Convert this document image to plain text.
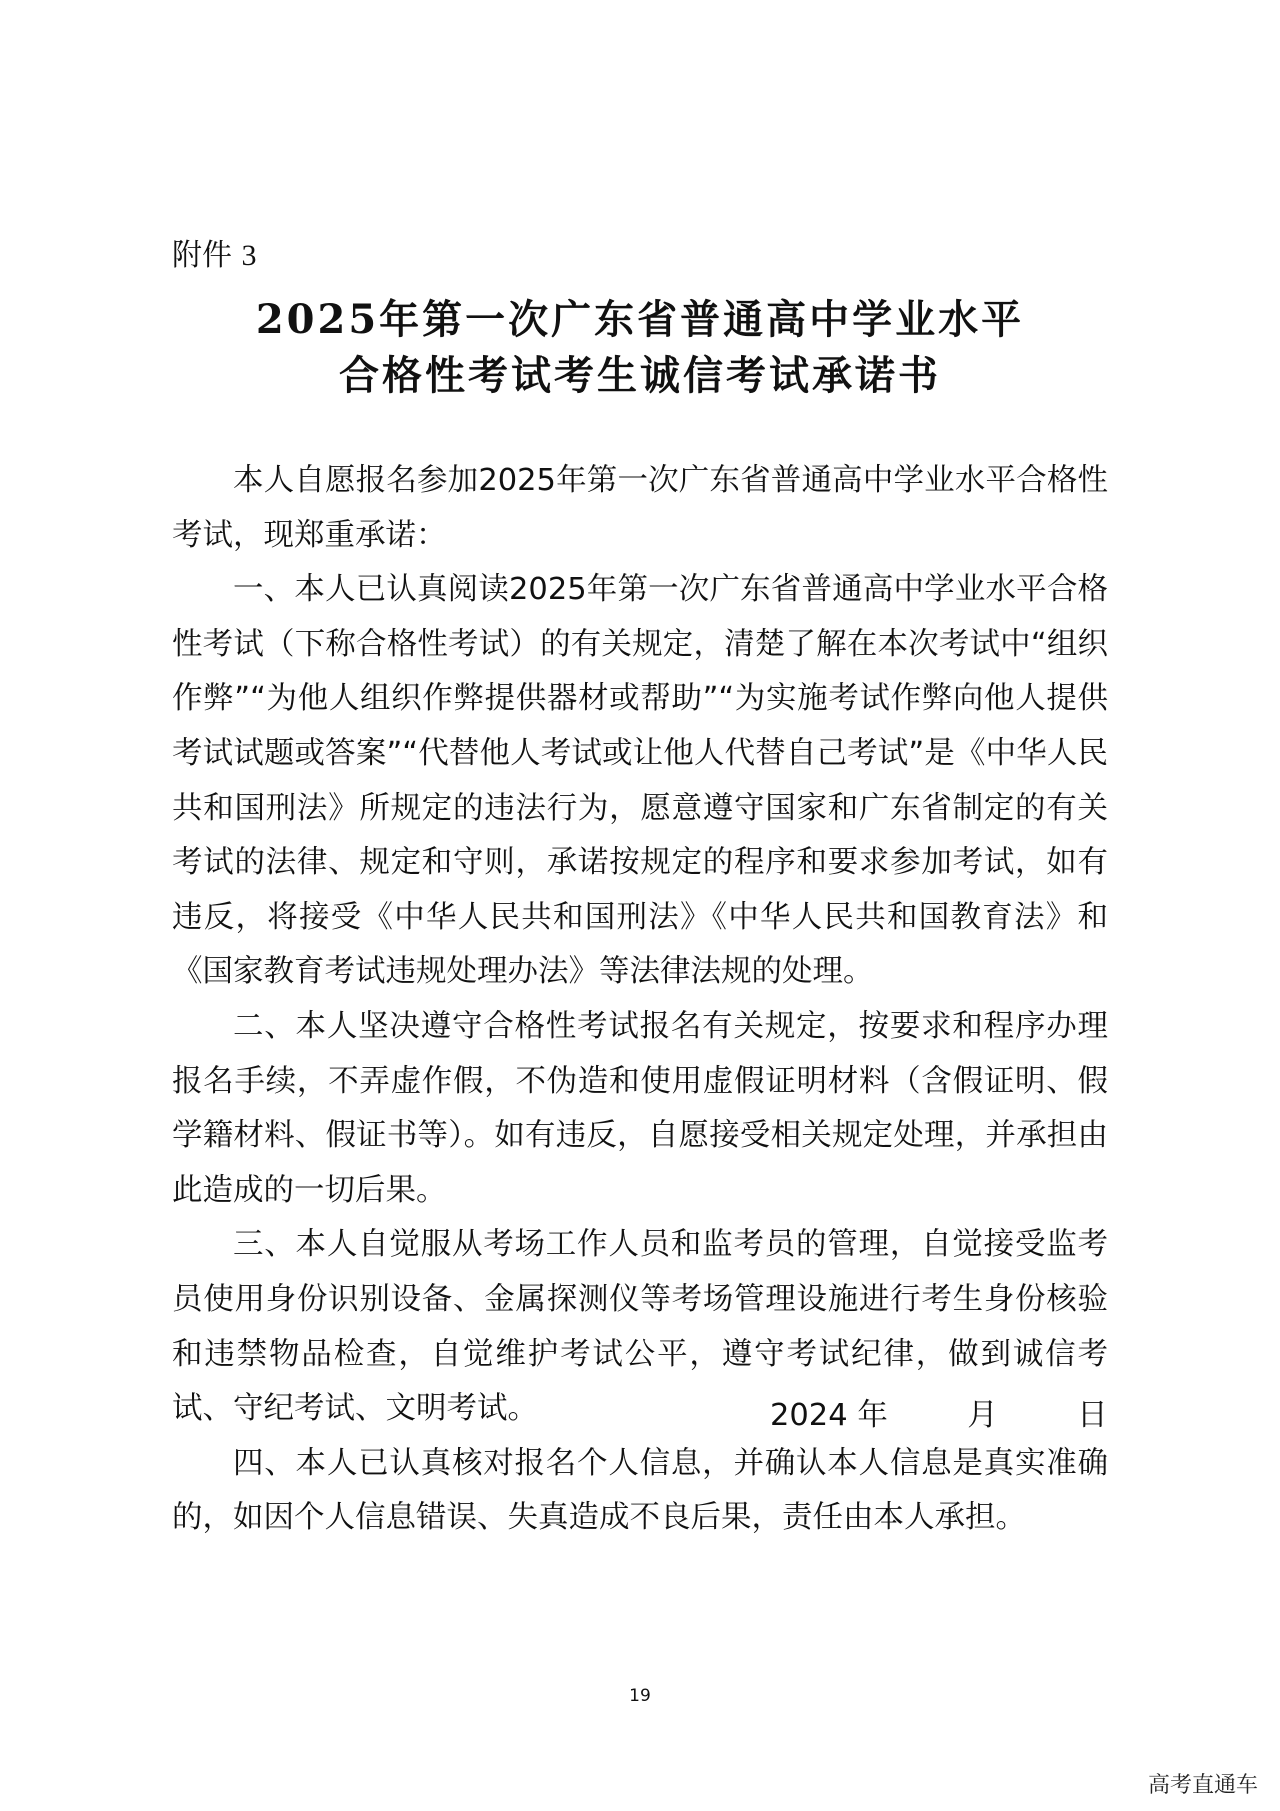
附件 3
2025年第一次广东省普通高中学业水平
合格性考试考生诚信考试承诺书

本人自愿报名参加2025年第一次广东省普通高中学业水平合格性考试，现郑重承诺：

一、本人已认真阅读2025年第一次广东省普通高中学业水平合格性考试（下称合格性考试）的有关规定，清楚了解在本次考试中“组织作弊”“为他人组织作弊提供器材或帮助”“为实施考试作弊向他人提供考试试题或答案”“代替他人考试或让他人代替自己考试”是《中华人民共和国刑法》所规定的违法行为，愿意遵守国家和广东省制定的有关考试的法律、规定和守则，承诺按规定的程序和要求参加考试，如有违反，将接受《中华人民共和国刑法》《中华人民共和国教育法》和《国家教育考试违规处理办法》等法律法规的处理。

二、本人坚决遵守合格性考试报名有关规定，按要求和程序办理报名手续，不弄虚作假，不伪造和使用虚假证明材料（含假证明、假学籍材料、假证书等）。如有违反，自愿接受相关规定处理，并承担由此造成的一切后果。

三、本人自觉服从考场工作人员和监考员的管理，自觉接受监考员使用身份识别设备、金属探测仪等考场管理设施进行考生身份核验和违禁物品检查，自觉维护考试公平，遵守考试纪律，做到诚信考试、守纪考试、文明考试。

四、本人已认真核对报名个人信息，并确认本人信息是真实准确的，如因个人信息错误、失真造成不良后果，责任由本人承担。

2024 年	月	日
19
高考直通车
